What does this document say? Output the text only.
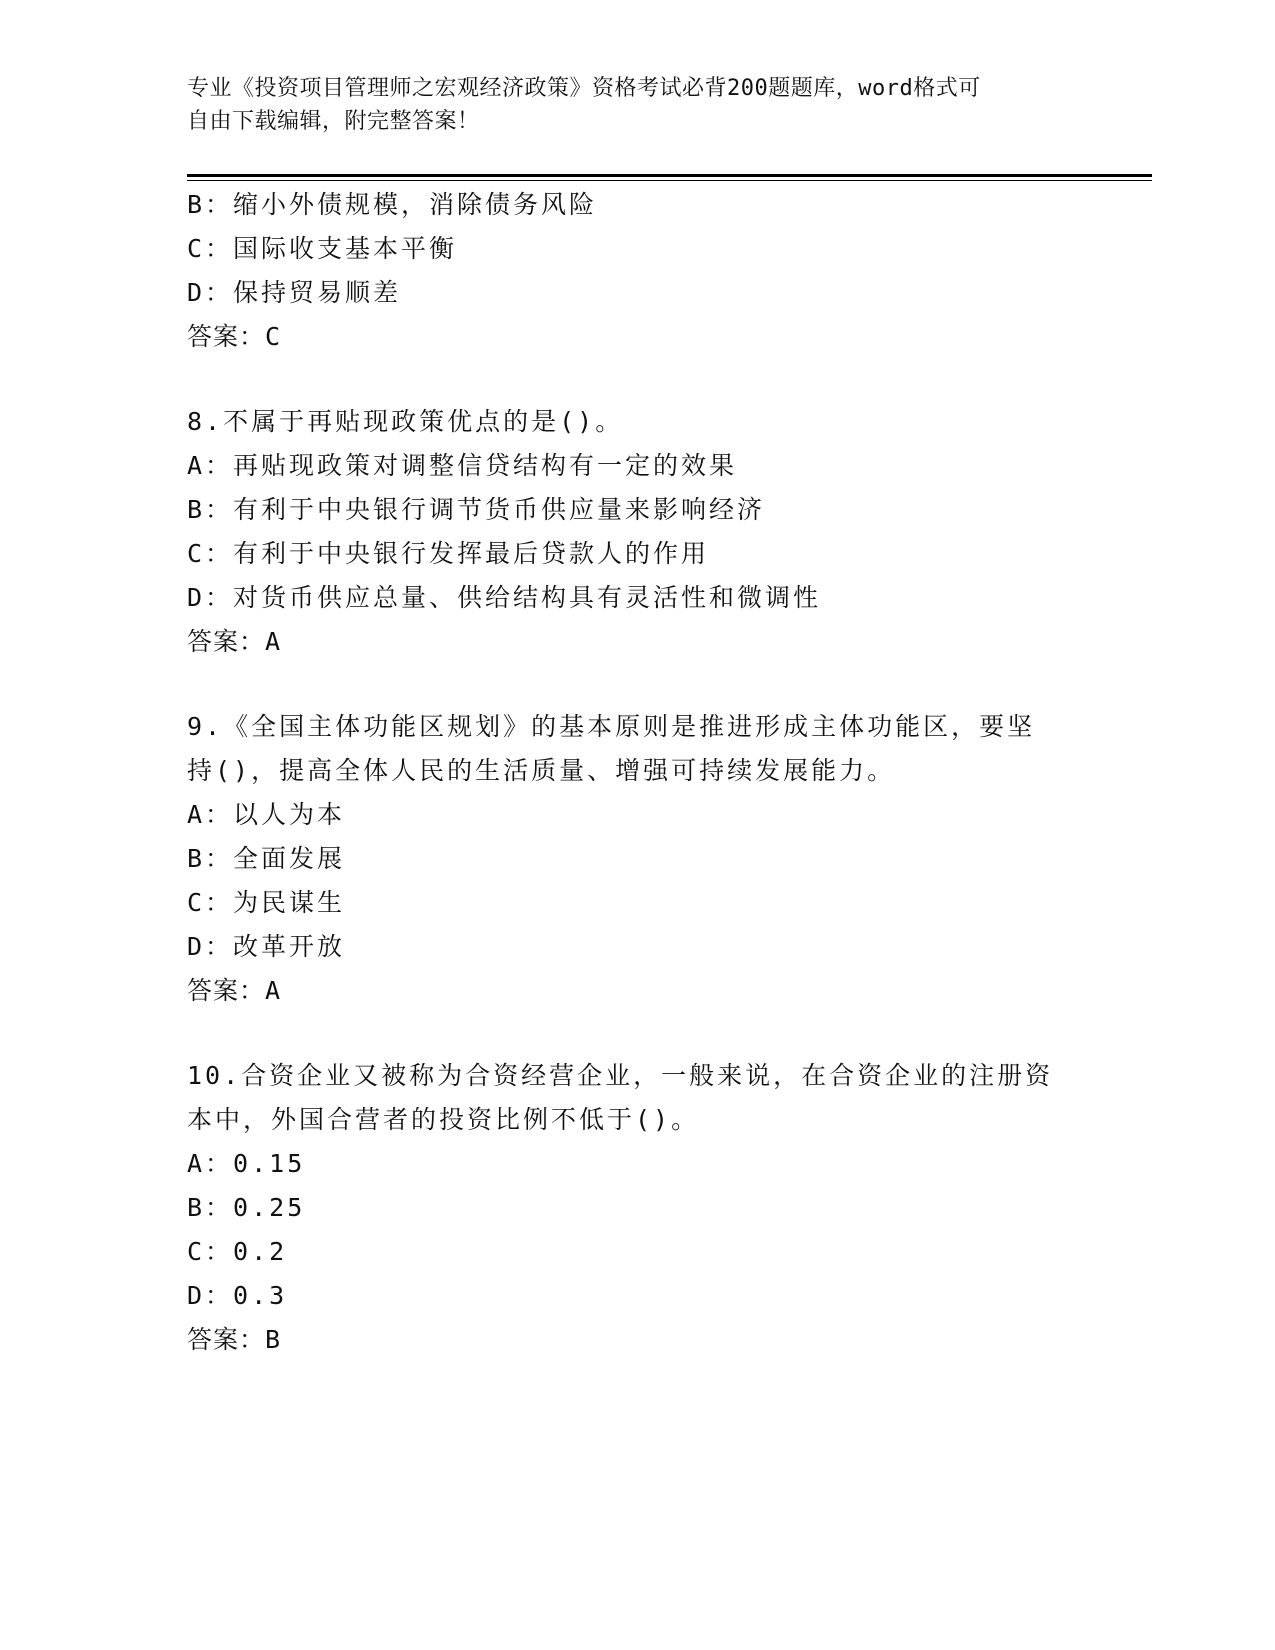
专业《投资项目管理师之宏观经济政策》资格考试必背200题题库，word格式可
自由下载编辑，附完整答案！
B：缩小外债规模，消除债务风险
C：国际收支基本平衡
D：保持贸易顺差
答案：C
8.不属于再贴现政策优点的是()。
A：再贴现政策对调整信贷结构有一定的效果
B：有利于中央银行调节货币供应量来影响经济
C：有利于中央银行发挥最后贷款人的作用
D：对货币供应总量、供给结构具有灵活性和微调性
答案：A
9.《全国主体功能区规划》的基本原则是推进形成主体功能区，要坚
持()，提高全体人民的生活质量、增强可持续发展能力。
A：以人为本
B：全面发展
C：为民谋生
D：改革开放
答案：A
10.合资企业又被称为合资经营企业，一般来说，在合资企业的注册资
本中，外国合营者的投资比例不低于()。
A：0.15
B：0.25
C：0.2
D：0.3
答案：B
